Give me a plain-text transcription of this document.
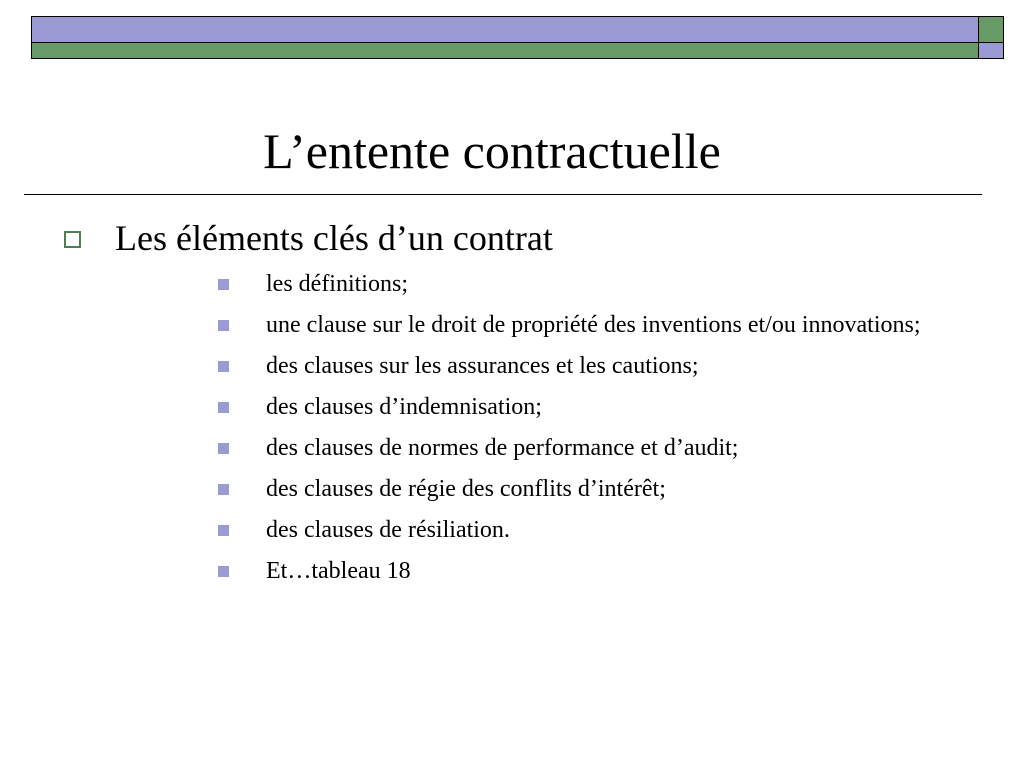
L’entente contractuelle
Les éléments clés d’un contrat
les définitions;
une clause sur le droit de propriété des inventions et/ou innovations;
des clauses sur les assurances et les cautions;
des clauses d’indemnisation;
des clauses de normes de performance et d’audit;
des clauses de régie des conflits d’intérêt;
des clauses de résiliation.
Et…tableau 18
